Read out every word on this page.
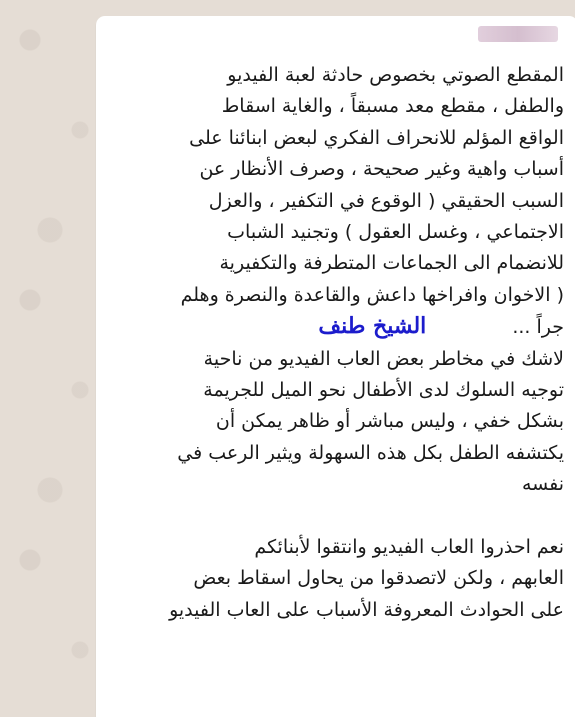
المقطع الصوتي بخصوص حادثة لعبة الفيديو

والطفل ، مقطع معد مسبقاً ، والغاية اسقاط

الواقع المؤلم للانحراف الفكري لبعض ابنائنا على

أسباب واهية وغير صحيحة ، وصرف الأنظار عن

السبب الحقيقي ( الوقوع في التكفير ، والعزل

الاجتماعي ، وغسل العقول ) وتجنيد الشباب

للانضمام الى الجماعات المتطرفة والتكفيرية

( الاخوان وافراخها داعش والقاعدة والنصرة وهلم

جراً ... الشيخ طنف

لاشك في مخاطر بعض العاب الفيديو من ناحية

توجيه السلوك لدى الأطفال نحو الميل للجريمة

بشكل خفي ، وليس مباشر أو ظاهر يمكن أن

يكتشفه الطفل بكل هذه السهولة ويثير الرعب في

نفسه

نعم احذروا العاب الفيديو وانتقوا لأبنائكم

العابهم ، ولكن لاتصدقوا من يحاول اسقاط بعض

على الحوادث المعروفة الأسباب على العاب الفيديو
